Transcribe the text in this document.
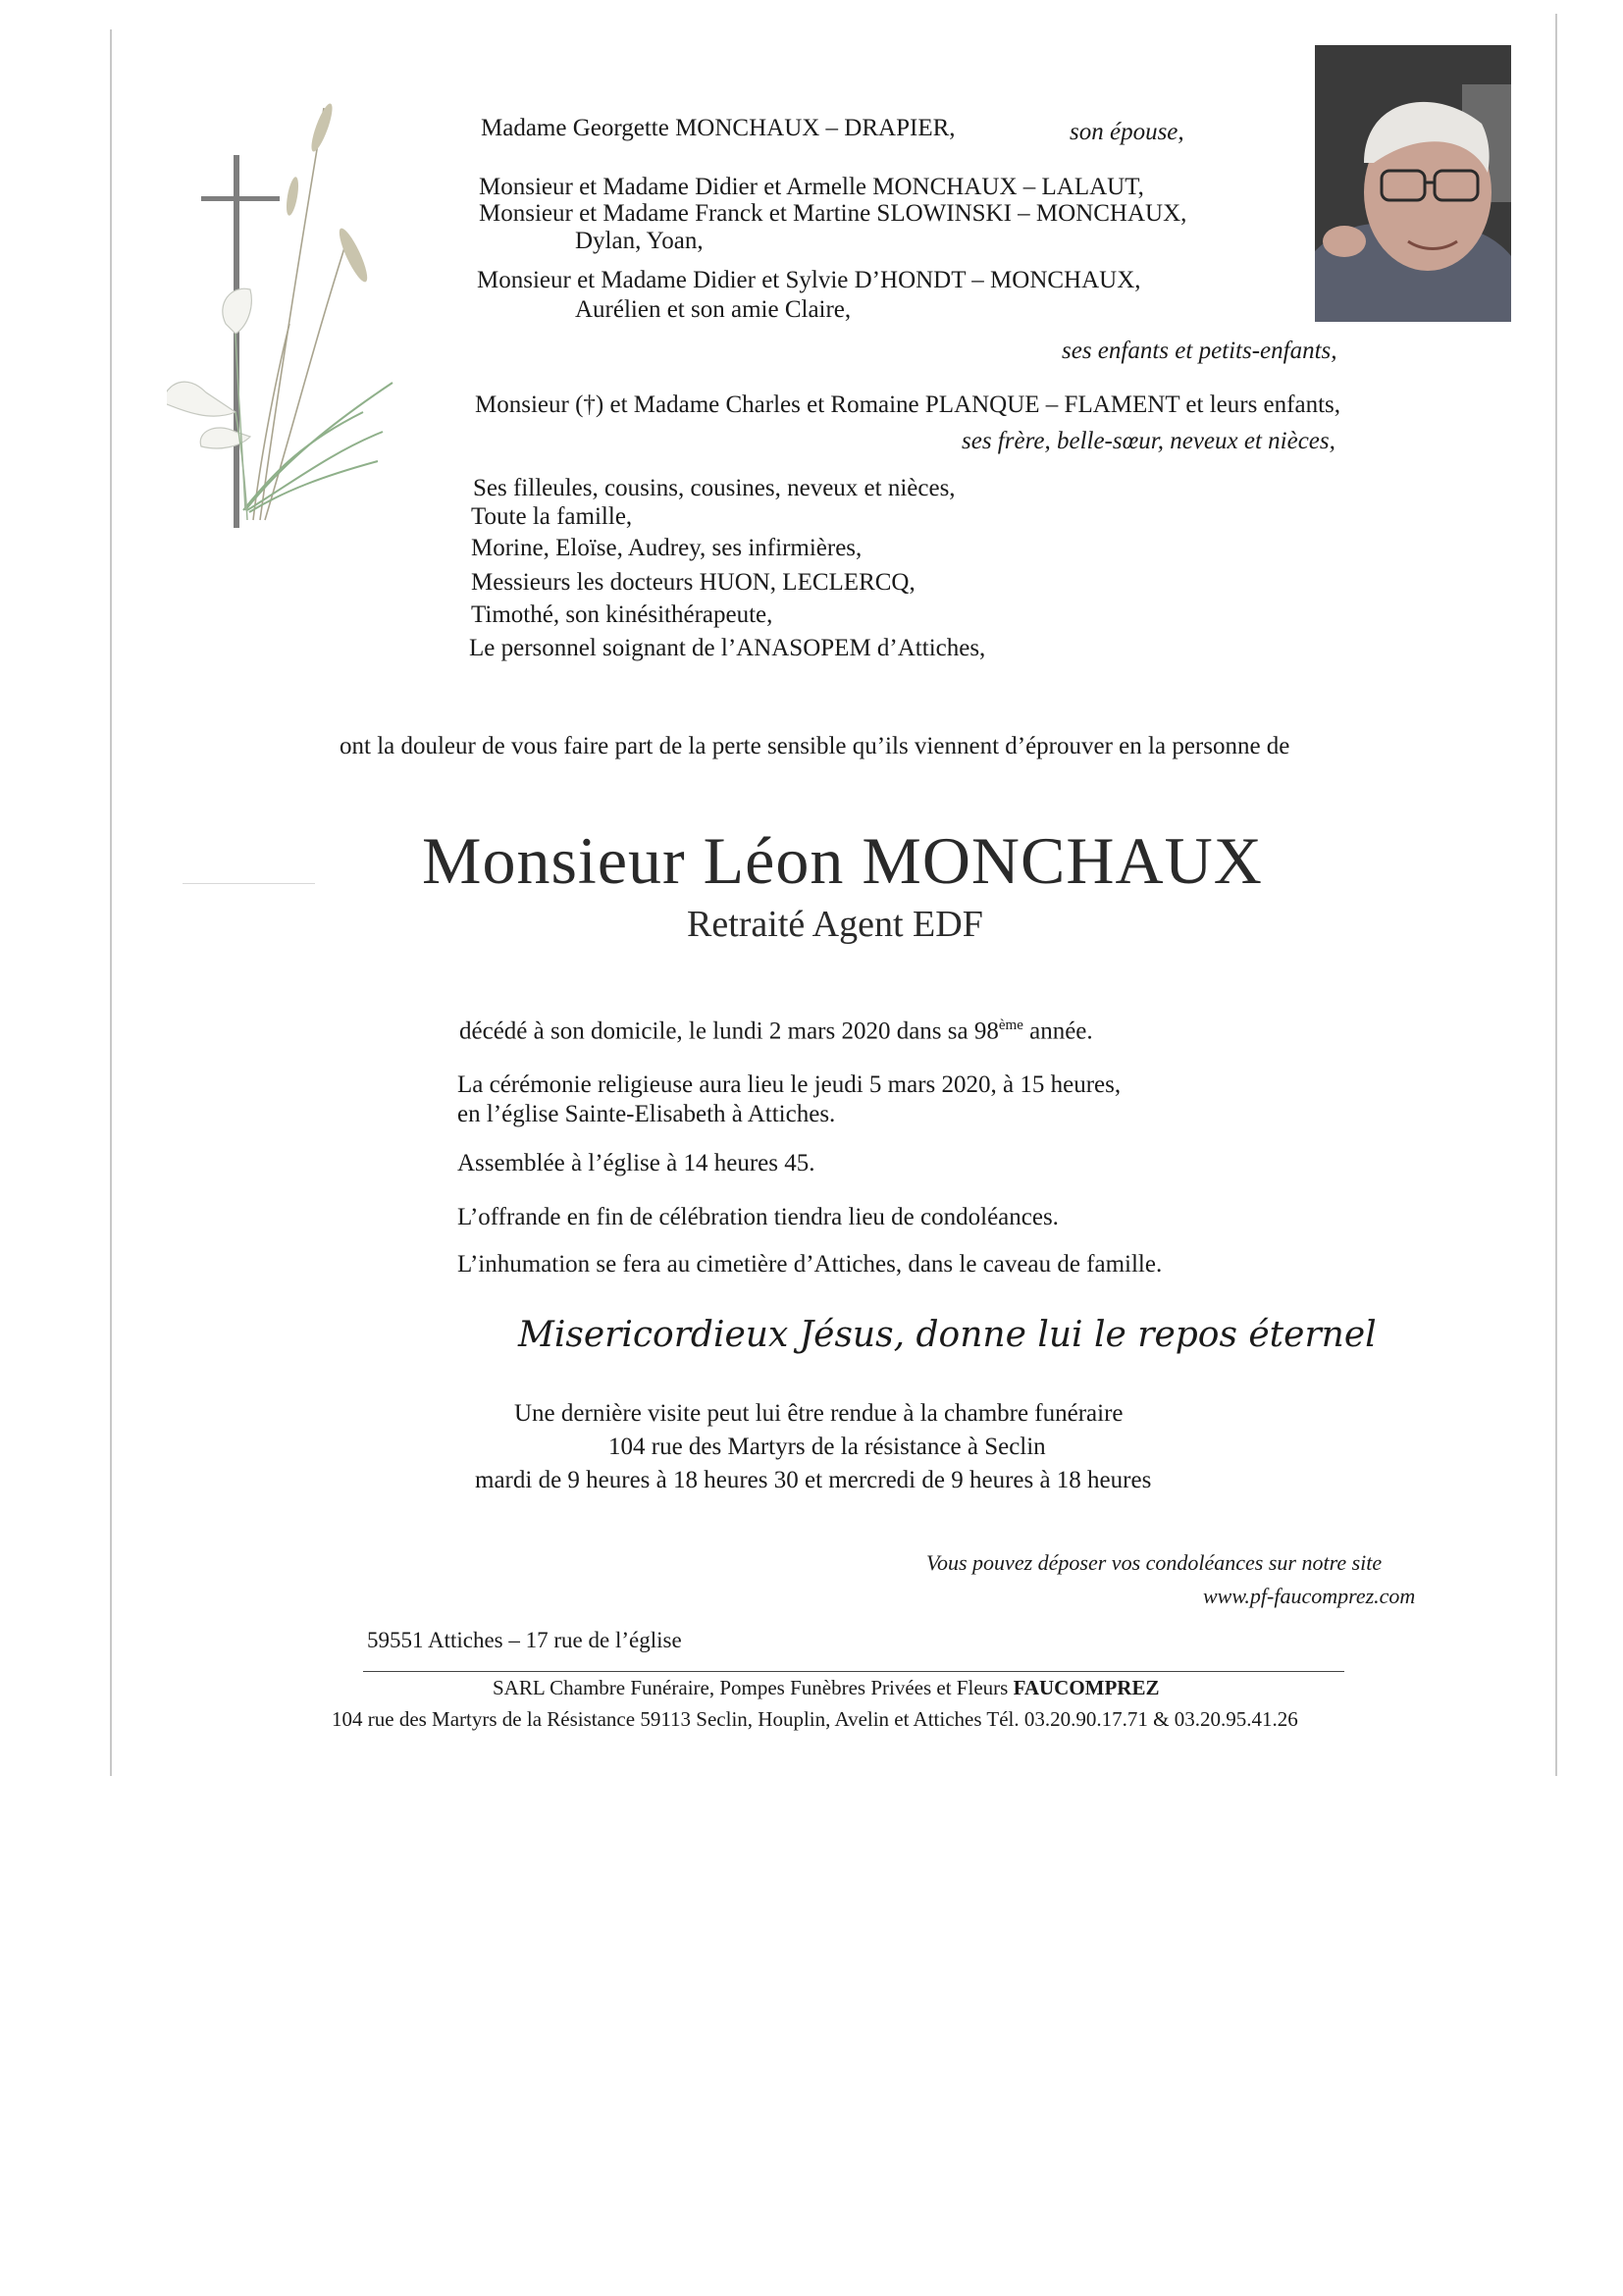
Madame Georgette MONCHAUX – DRAPIER,	son épouse,
Monsieur et Madame Didier et Armelle MONCHAUX – LALAUT,
Monsieur et Madame Franck et Martine SLOWINSKI – MONCHAUX,
Dylan, Yoan,
Monsieur et Madame Didier et Sylvie D’HONDT – MONCHAUX,
Aurélien et son amie Claire,
ses enfants et petits-enfants,
Monsieur (†) et Madame Charles et Romaine PLANQUE – FLAMENT et leurs enfants,
ses frère, belle-sœur, neveux et nièces,
Ses filleules, cousins, cousines, neveux et nièces,
Toute la famille,
Morine, Eloïse, Audrey, ses infirmières,
Messieurs les docteurs HUON, LECLERCQ,
Timothé, son kinésithérapeute,
Le personnel soignant de l’ANASOPEM d’Attiches,
ont la douleur de vous faire part de la perte sensible qu’ils viennent d’éprouver en la personne de
Monsieur Léon MONCHAUX
Retraité Agent EDF
décédé à son domicile, le lundi 2 mars 2020 dans sa 98ème année.
La cérémonie religieuse aura lieu le jeudi 5 mars 2020, à 15 heures,
en l’église Sainte-Elisabeth à Attiches.
Assemblée à l’église à 14 heures 45.
L’offrande en fin de célébration tiendra lieu de condoléances.
L’inhumation se fera au cimetière d’Attiches, dans le caveau de famille.
Misericordieux Jésus, donne lui le repos éternel
Une dernière visite peut lui être rendue à la chambre funéraire
104 rue des Martyrs de la résistance à Seclin
mardi de 9 heures à 18 heures 30 et mercredi de 9 heures à 18 heures
Vous pouvez déposer vos condoléances sur notre site
www.pf-faucomprez.com
59551 Attiches – 17 rue de l’église
SARL Chambre Funéraire, Pompes Funèbres Privées et Fleurs FAUCOMPREZ
104 rue des Martyrs de la Résistance 59113 Seclin, Houplin, Avelin et Attiches Tél. 03.20.90.17.71 & 03.20.95.41.26
